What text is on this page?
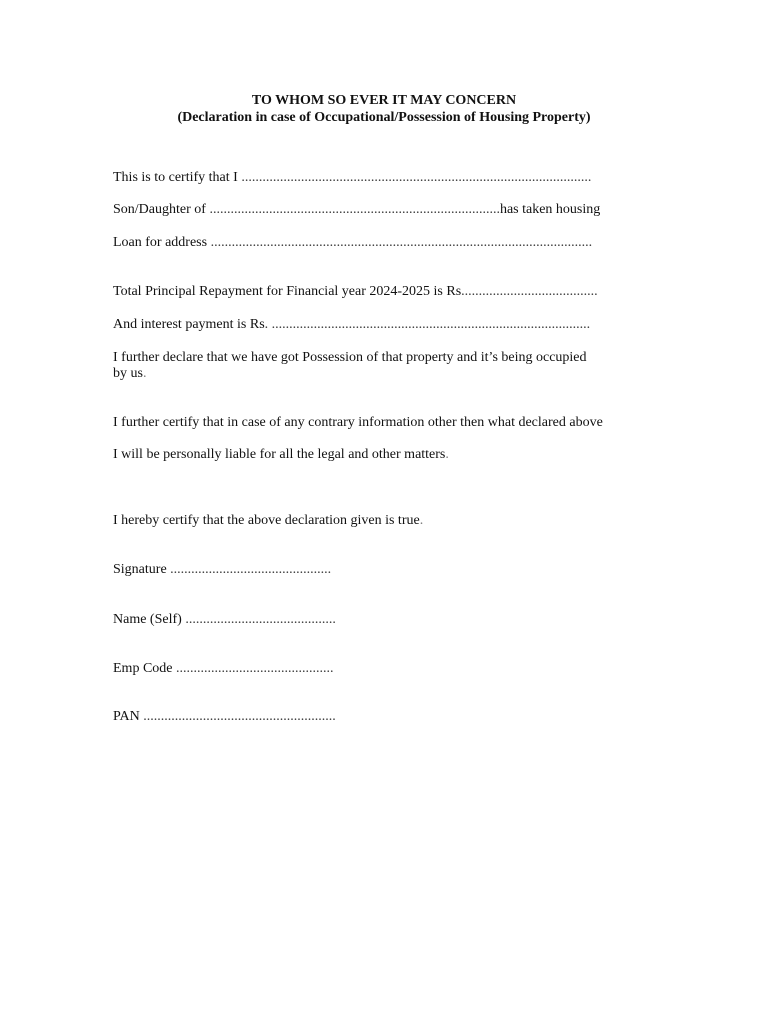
TO WHOM SO EVER IT MAY CONCERN
(Declaration in case of Occupational/Possession of Housing Property)
This is to certify that I ....................................................................................................
Son/Daughter of ...................................................................................has taken housing
Loan for address .............................................................................................................
Total Principal Repayment for Financial year 2024-2025 is Rs.......................................
And interest payment is Rs. ...........................................................................................
I further declare that we have got Possession of that property and it’s being occupied by us.
I further certify that in case of any contrary information other then what declared above
I will be personally liable for all the legal and other matters.
I hereby certify that the above declaration given is true.
Signature ..............................................
Name (Self) ...........................................
Emp Code .............................................
PAN .......................................................
